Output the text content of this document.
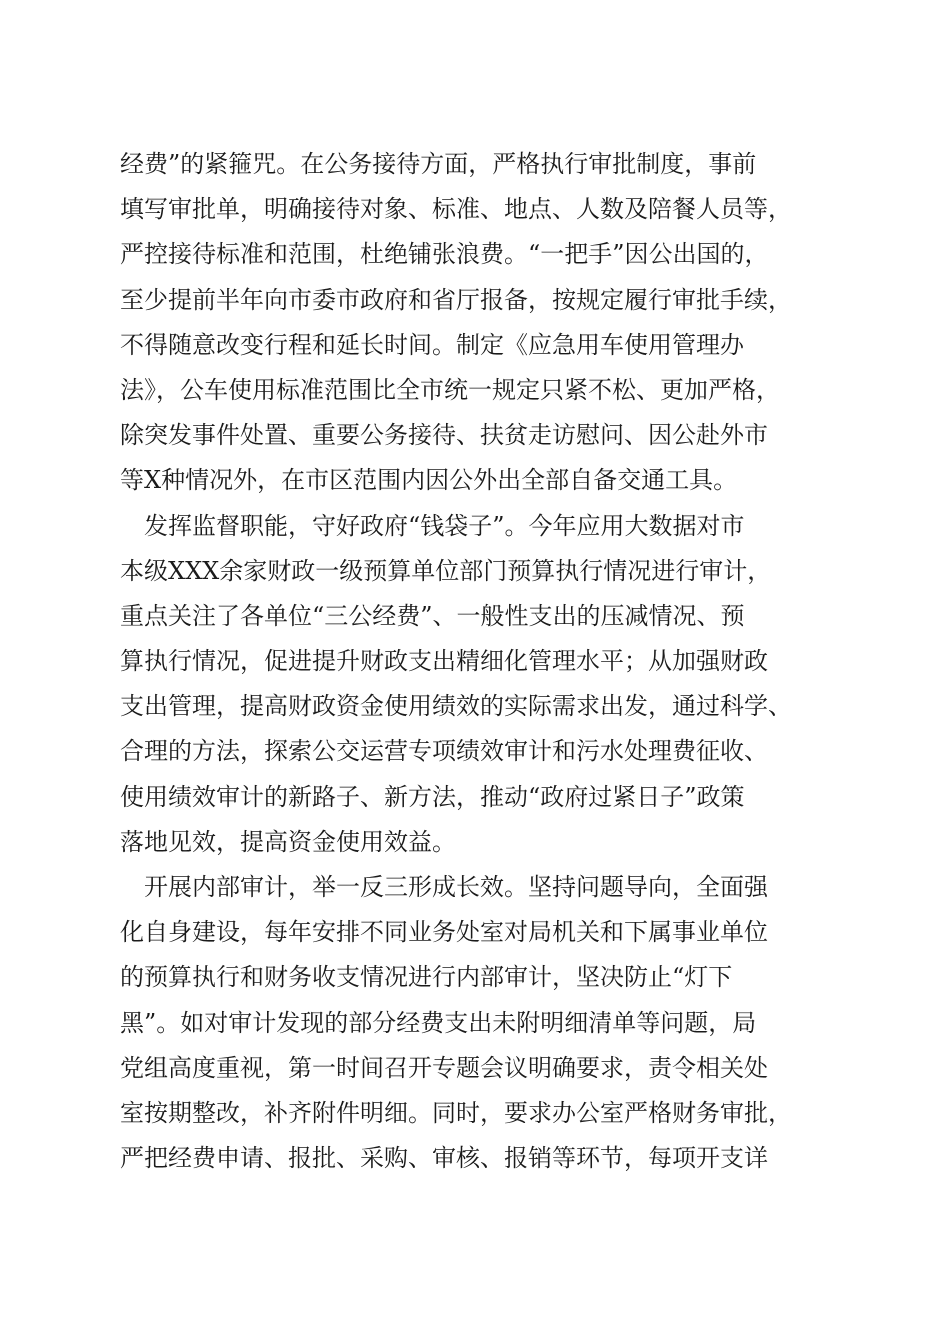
经费”的紧箍咒。在公务接待方面，严格执行审批制度，事前
填写审批单，明确接待对象、标准、地点、人数及陪餐人员等，
严控接待标准和范围，杜绝铺张浪费。“一把手”因公出国的，
至少提前半年向市委市政府和省厅报备，按规定履行审批手续，
不得随意改变行程和延长时间。制定《应急用车使用管理办
法》，公车使用标准范围比全市统一规定只紧不松、更加严格，
除突发事件处置、重要公务接待、扶贫走访慰问、因公赴外市
等X种情况外，在市区范围内因公外出全部自备交通工具。
　发挥监督职能，守好政府“钱袋子”。今年应用大数据对市
本级XXX余家财政一级预算单位部门预算执行情况进行审计，
重点关注了各单位“三公经费”、一般性支出的压减情况、预
算执行情况，促进提升财政支出精细化管理水平；从加强财政
支出管理，提高财政资金使用绩效的实际需求出发，通过科学、
合理的方法，探索公交运营专项绩效审计和污水处理费征收、
使用绩效审计的新路子、新方法，推动“政府过紧日子”政策
落地见效，提高资金使用效益。
　开展内部审计，举一反三形成长效。坚持问题导向，全面强
化自身建设，每年安排不同业务处室对局机关和下属事业单位
的预算执行和财务收支情况进行内部审计，坚决防止“灯下
黑”。如对审计发现的部分经费支出未附明细清单等问题，局
党组高度重视，第一时间召开专题会议明确要求，责令相关处
室按期整改，补齐附件明细。同时，要求办公室严格财务审批，
严把经费申请、报批、采购、审核、报销等环节，每项开支详
